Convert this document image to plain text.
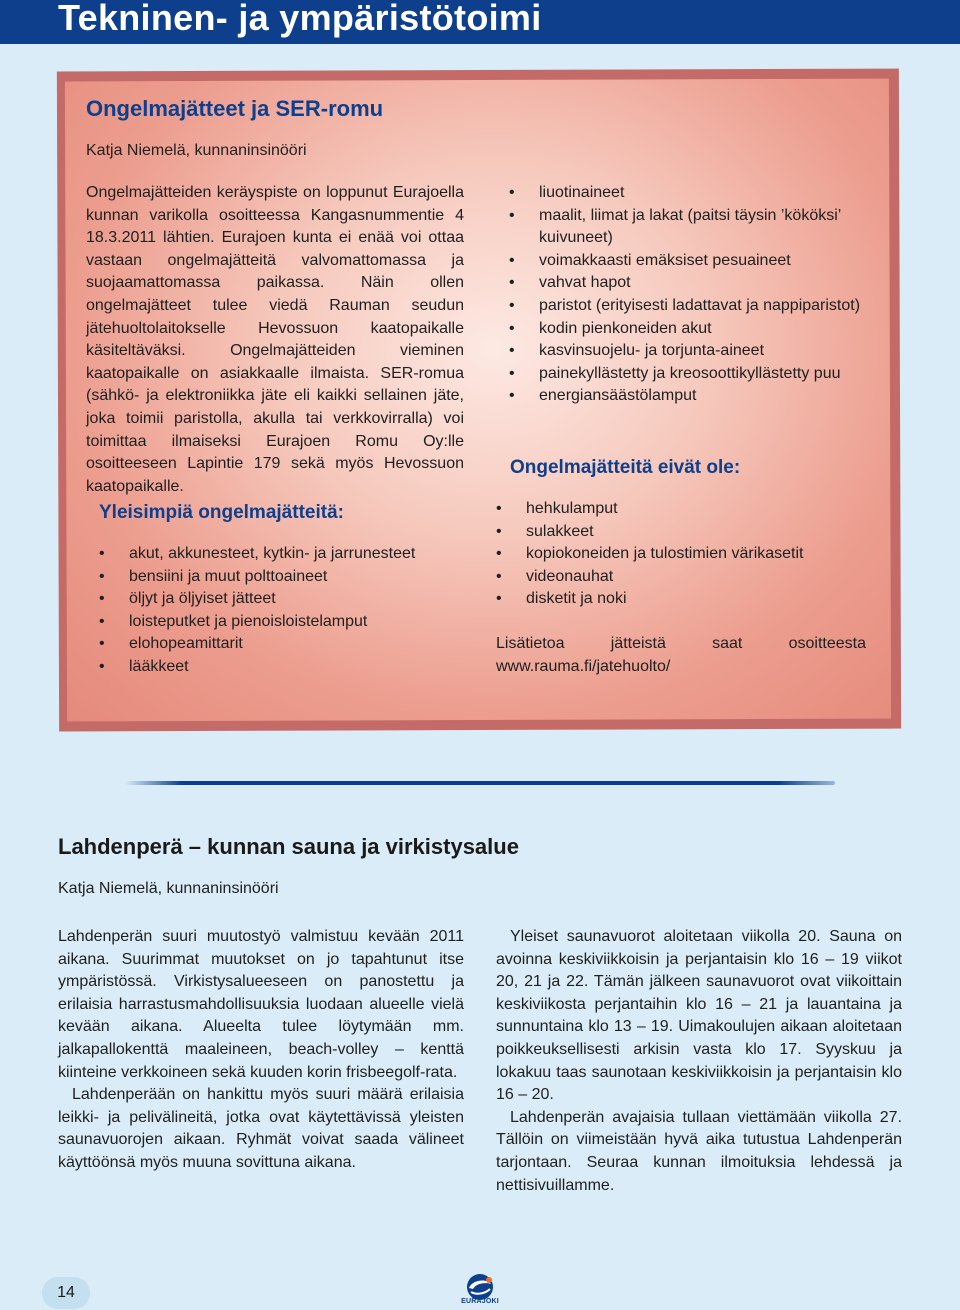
Tekninen- ja ympäristötoimi
Ongelmajätteet ja SER-romu
Katja Niemelä, kunnaninsinööri

Ongelmajätteiden keräyspiste on loppunut Eurajoella kunnan varikolla osoitteessa Kangasnummentie 4 18.3.2011 lähtien. Eurajoen kunta ei enää voi ottaa vastaan ongelmajätteitä valvomattomassa ja suojaamattomassa paikassa. Näin ollen ongelmajätteet tulee viedä Rauman seudun jätehuoltolaitokselle Hevossuon kaatopaikalle käsiteltäväksi. Ongelmajätteiden vieminen kaatopaikalle on asiakkaalle ilmaista. SER-romua (sähkö- ja elektroniikka jäte eli kaikki sellainen jäte, joka toimii paristolla, akulla tai verkkovirralla) voi toimittaa ilmaiseksi Eurajoen Romu Oy:lle osoitteeseen Lapintie 179 sekä myös Hevossuon kaatopaikalle.

Yleisimpiä ongelmajätteitä:
• akut, akkunesteet, kytkin- ja jarrunesteet
• bensiini ja muut polttoaineet
• öljyt ja öljyiset jätteet
• loisteputket ja pienoisloistelamput
• elohopeamittarit
• lääkkeet
• liuotinaineet
• maalit, liimat ja lakat (paitsi täysin ’kököksi’ kuivuneet)
• voimakkaasti emäksiset pesuaineet
• vahvat hapot
• paristot (erityisesti ladattavat ja nappiparistot)
• kodin pienkoneiden akut
• kasvinsuojelu- ja torjunta-aineet
• painekyllästetty ja kreosoottikyllästetty puu
• energiansäästölamput
Ongelmajätteitä eivät ole:
• hehkulamput
• sulakkeet
• kopiokoneiden ja tulostimien värikasetit
• videonauhat
• disketit ja noki

Lisätietoa jätteistä saat osoitteesta www.rauma.fi/jatehuolto/

Lahdenperä – kunnan sauna ja virkistysalue
Katja Niemelä, kunnaninsinööri

Lahdenperän suuri muutostyö valmistuu kevään 2011 aikana. Suurimmat muutokset on jo tapahtunut itse ympäristössä. Virkistysalueeseen on panostettu ja erilaisia harrastusmahdollisuuksia luodaan alueelle vielä kevään aikana. Alueelta tulee löytymään mm. jalkapallokenttä maaleineen, beach-volley – kenttä kiinteine verkkoineen sekä kuuden korin frisbeegolf-rata.

Lahdenperään on hankittu myös suuri määrä erilaisia leikki- ja pelivälineitä, jotka ovat käytettävissä yleisten saunavuorojen aikaan. Ryhmät voivat saada välineet käyttöönsä myös muuna sovittuna aikana.

Yleiset saunavuorot aloitetaan viikolla 20. Sauna on avoinna keskiviikkoisin ja perjantaisin klo 16 – 19 viikot 20, 21 ja 22. Tämän jälkeen saunavuorot ovat viikoittain keskiviikosta perjantaihin klo 16 – 21 ja lauantaina ja sunnuntaina klo 13 – 19. Uimakoulujen aikaan aloitetaan poikkeuksellisesti arkisin vasta klo 17. Syyskuu ja lokakuu taas saunotaan keskiviikkoisin ja perjantaisin klo 16 – 20.

Lahdenperän avajaisia tullaan viettämään viikolla 27. Tällöin on viimeistään hyvä aika tutustua Lahdenperän tarjontaan. Seuraa kunnan ilmoituksia lehdessä ja nettisivuillamme.

14
EURAJOKI
